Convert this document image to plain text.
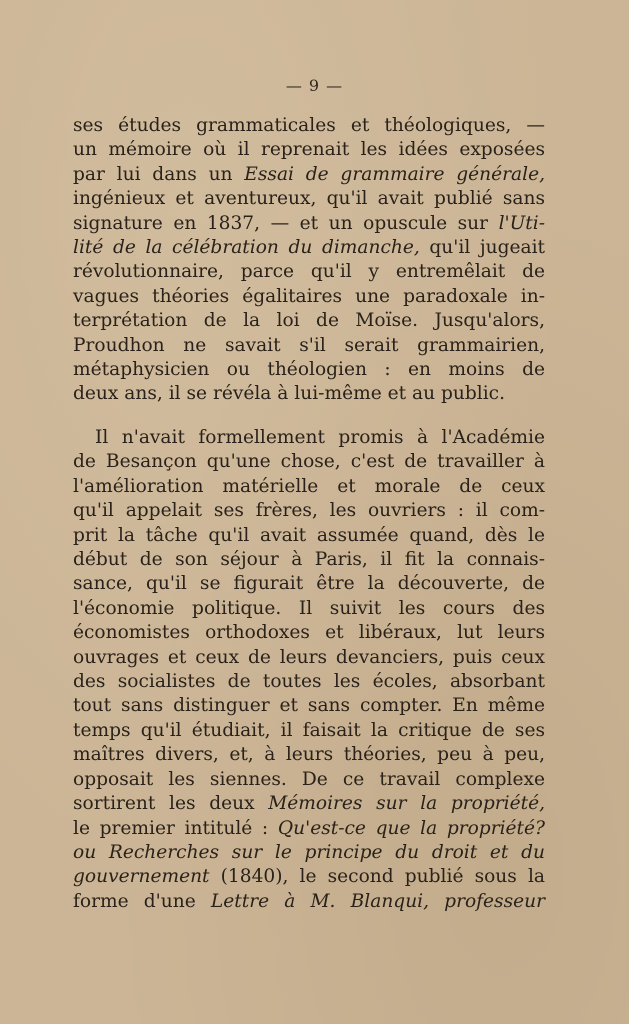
— 9 —
ses études grammaticales et théologiques, —
un mémoire où il reprenait les idées exposées
par lui dans un Essai de grammaire générale,
ingénieux et aventureux, qu'il avait publié sans
signature en 1837, — et un opuscule sur l'Uti-
lité de la célébration du dimanche, qu'il jugeait
révolutionnaire, parce qu'il y entremêlait de
vagues théories égalitaires une paradoxale in-
terprétation de la loi de Moïse. Jusqu'alors,
Proudhon ne savait s'il serait grammairien,
métaphysicien ou théologien : en moins de
deux ans, il se révéla à lui-même et au public.
Il n'avait formellement promis à l'Académie
de Besançon qu'une chose, c'est de travailler à
l'amélioration matérielle et morale de ceux
qu'il appelait ses frères, les ouvriers : il com-
prit la tâche qu'il avait assumée quand, dès le
début de son séjour à Paris, il fit la connais-
sance, qu'il se figurait être la découverte, de
l'économie politique. Il suivit les cours des
économistes orthodoxes et libéraux, lut leurs
ouvrages et ceux de leurs devanciers, puis ceux
des socialistes de toutes les écoles, absorbant
tout sans distinguer et sans compter. En même
temps qu'il étudiait, il faisait la critique de ses
maîtres divers, et, à leurs théories, peu à peu,
opposait les siennes. De ce travail complexe
sortirent les deux Mémoires sur la propriété,
le premier intitulé : Qu'est-ce que la propriété?
ou Recherches sur le principe du droit et du
gouvernement (1840), le second publié sous la
forme d'une Lettre à M. Blanqui, professeur
